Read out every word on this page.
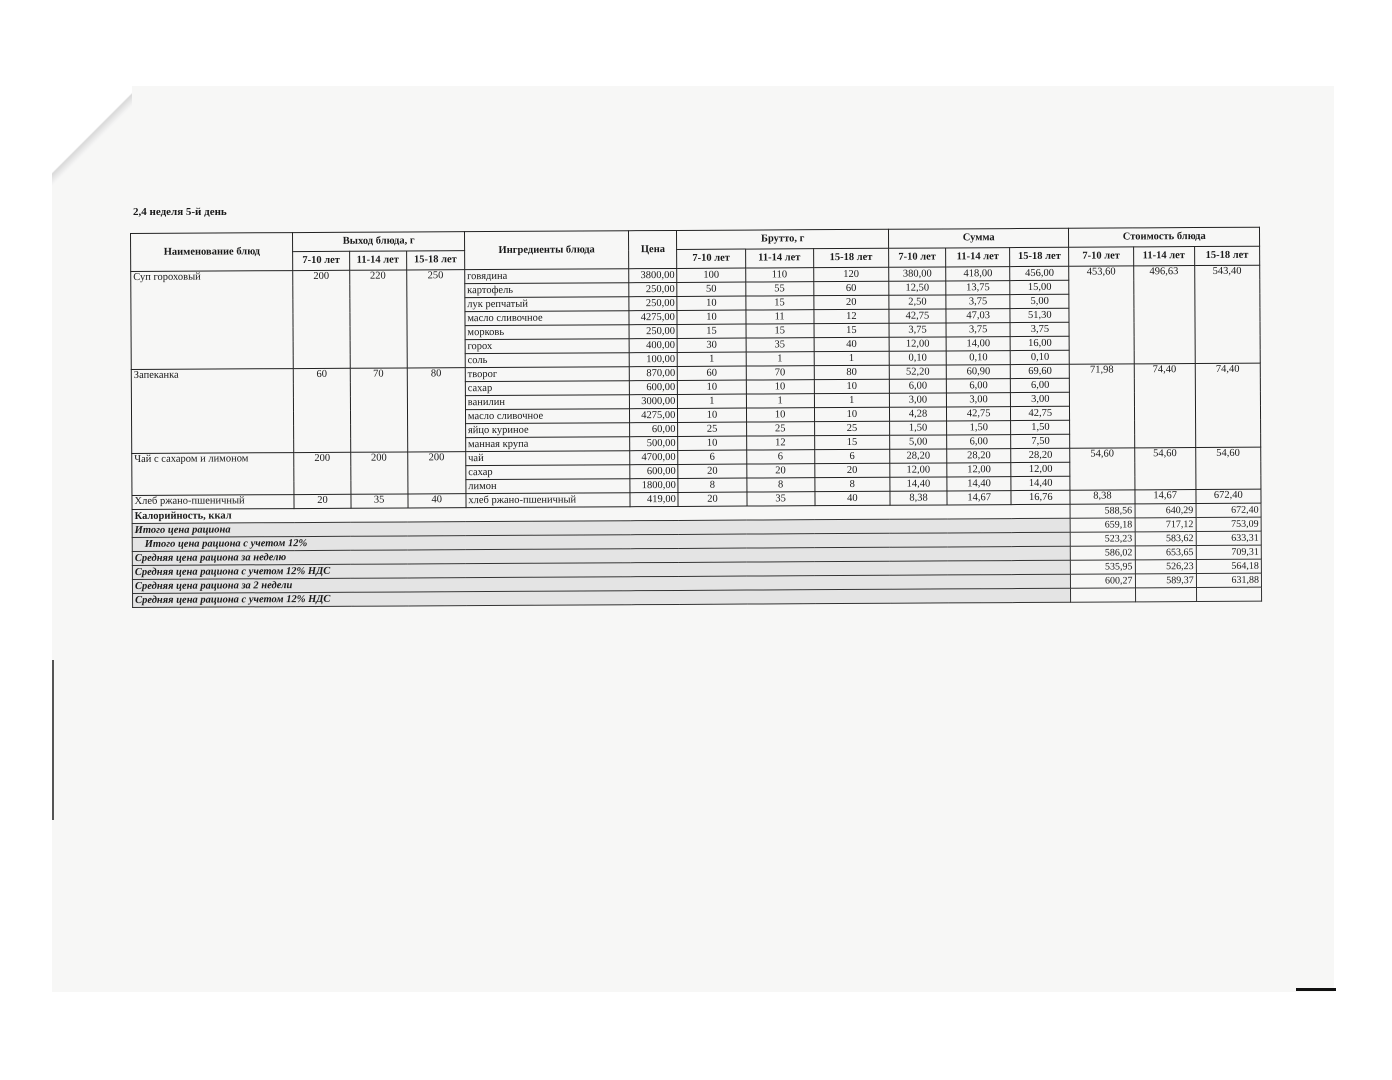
2,4 неделя 5-й день
Наименование блюд	Выход блюда, г			Ингредиенты блюда	Цена	Брутто, г			Сумма			Стоимость блюда		
	7-10 лет	11-14 лет	15-18 лет			7-10 лет	11-14 лет	15-18 лет	7-10 лет	11-14 лет	15-18 лет	7-10 лет	11-14 лет	15-18 лет
Суп гороховый	200	220	250	говядина	3800,00	100	110	120	380,00	418,00	456,00	453,60	496,63	543,40
				картофель	250,00	50	55	60	12,50	13,75	15,00			
				лук репчатый	250,00	10	15	20	2,50	3,75	5,00			
				масло сливочное	4275,00	10	11	12	42,75	47,03	51,30			
				морковь	250,00	15	15	15	3,75	3,75	3,75			
				горох	400,00	30	35	40	12,00	14,00	16,00			
				соль	100,00	1	1	1	0,10	0,10	0,10			
Запеканка	60	70	80	творог	870,00	60	70	80	52,20	60,90	69,60	71,98	74,40	74,40
				сахар	600,00	10	10	10	6,00	6,00	6,00			
				ванилин	3000,00	1	1	1	3,00	3,00	3,00			
				масло сливочное	4275,00	10	10	10	4,28	42,75	42,75			
				яйцо куриное	60,00	25	25	25	1,50	1,50	1,50			
				манная крупа	500,00	10	12	15	5,00	6,00	7,50			
Чай с сахаром и лимоном	200	200	200	чай	4700,00	6	6	6	28,20	28,20	28,20	54,60	54,60	54,60
				сахар	600,00	20	20	20	12,00	12,00	12,00			
				лимон	1800,00	8	8	8	14,40	14,40	14,40			
Хлеб ржано-пшеничный	20	35	40	хлеб ржано-пшеничный	419,00	20	35	40	8,38	14,67	16,76	8,38	14,67	672,40
Калорийность, ккал												588,56	640,29	672,40
Итого цена рациона												659,18	717,12	753,09
Итого цена рациона с учетом 12%												523,23	583,62	633,31
Средняя цена рациона за неделю												586,02	653,65	709,31
Средняя цена рациона с учетом 12% НДС												535,95	526,23	564,18
Средняя цена рациона за 2 недели												600,27	589,37	631,88
Средняя цена рациона с учетом 12% НДС														
